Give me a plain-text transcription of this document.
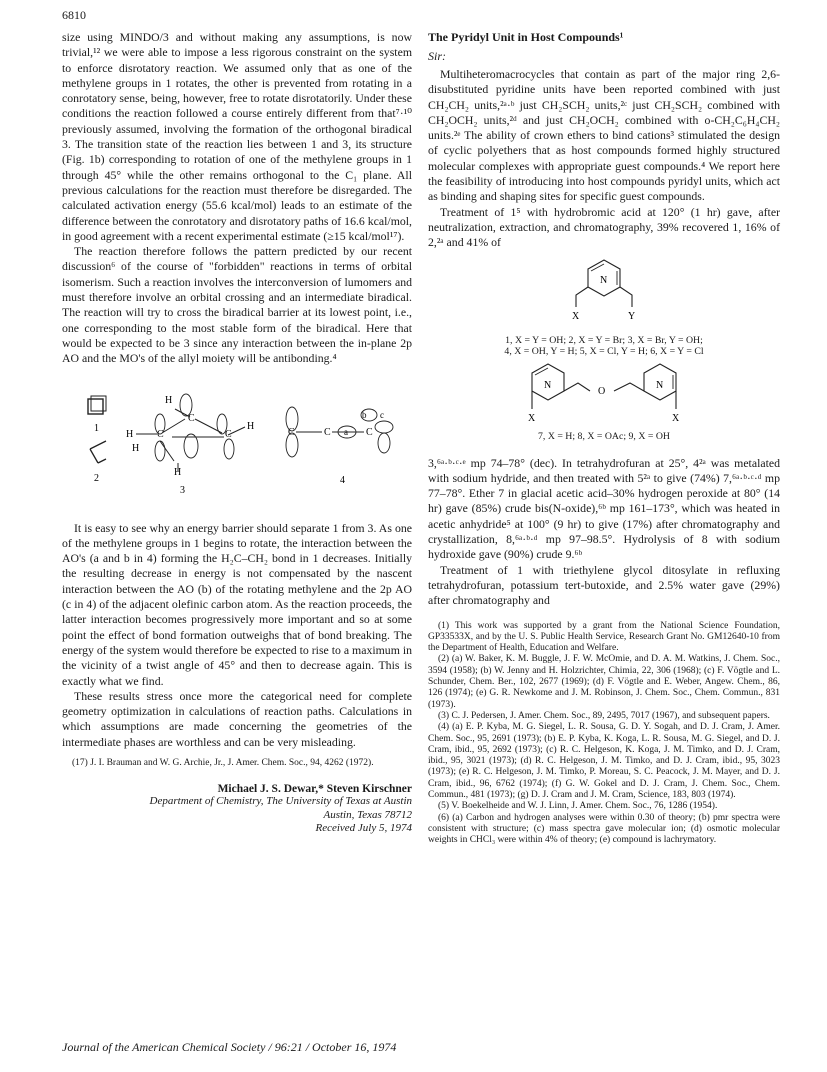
6810

size using MINDO/3 and without making any assumptions, is now trivial,¹² we were able to impose a less rigorous constraint on the system to enforce disrotatory reaction. We assumed only that as one of the methylene groups in 1 rotates, the other is prevented from rotating in a conrotatory sense, being, however, free to rotate disrotatorily. Under these conditions the reaction followed a course entirely different from that⁷·¹⁰ previously assumed, involving the formation of the orthogonal biradical 3. The transition state of the reaction lies between 1 and 3, its structure (Fig. 1b) corresponding to rotation of one of the methylene groups in 1 through 45° while the other remains orthogonal to the C₁ plane. All previous calculations for the reaction must therefore be disregarded. The calculated activation energy (55.6 kcal/mol) leads to an estimate of the difference between the conrotatory and disrotatory paths of 16.6 kcal/mol, in good agreement with a recent experimental estimate (≥15 kcal/mol¹⁷).

The reaction therefore follows the pattern predicted by our recent discussion⁶ of the course of "forbidden" reactions in terms of orbital isomerism. Such a reaction involves the interconversion of lumomers and must therefore involve an orbital crossing and an intermediate biradical. The reaction will try to cross the biradical barrier at its lowest point, i.e., one corresponding to the most stable form of the biradical. Here that would be expected to be 3 since any interaction between the in-plane 2p AO and the MO's of the allyl moiety will be antibonding.⁴

1
2
H
H
H
H
H
C
C
C
3
C	C	C
a
b c
4

It is easy to see why an energy barrier should separate 1 from 3. As one of the methylene groups in 1 begins to rotate, the interaction between the AO's (a and b in 4) forming the H₂C–CH₂ bond in 1 decreases. Initially the resulting decrease in energy is not compensated by the nascent interaction between the AO (b) of the rotating methylene and the 2p AO (c in 4) of the adjacent olefinic carbon atom. As the reaction proceeds, the latter interaction becomes progressively more important and so at some point the effect of bond formation outweighs that of bond breaking. The energy of the system would therefore be expected to rise to a maximum in the vicinity of a twist angle of 45° and then to decrease again. This is exactly what we find.

These results stress once more the categorical need for complete geometry optimization in calculations of reaction paths. Calculations in which assumptions are made concerning the geometries of the intermediate phases are worthless and can be very misleading.

(17) J. I. Brauman and W. G. Archie, Jr., J. Amer. Chem. Soc., 94, 4262 (1972).

Michael J. S. Dewar,* Steven Kirschner

Department of Chemistry, The University of Texas at Austin

Austin, Texas 78712

Received July 5, 1974

The Pyridyl Unit in Host Compounds¹

Sir:

Multiheteromacrocycles that contain as part of the major ring 2,6-disubstituted pyridine units have been reported combined with just CH₂CH₂ units,²ᵃ·ᵇ just CH₂SCH₂ units,²ᶜ just CH₂SCH₂ combined with CH₂OCH₂ units,²ᵈ and just CH₂OCH₂ combined with o-CH₂C₆H₄CH₂ units.²ᵉ The ability of crown ethers to bind cations³ stimulated the design of cyclic polyethers that as host compounds formed highly structured molecular complexes with appropriate guest compounds.⁴ We report here the feasibility of introducing into host compounds pyridyl units, which act as binding and shaping sites for specific guest compounds.

Treatment of 1⁵ with hydrobromic acid at 120° (1 hr) gave, after neutralization, extraction, and chromatography, 39% recovered 1, 16% of 2,²ᵃ and 41% of

N
X	Y

1, X = Y = OH; 2, X = Y = Br; 3, X = Br, Y = OH;

4, X = OH, Y = H; 5, X = Cl, Y = H; 6, X = Y = Cl

N	N
O
X	X

7, X = H; 8, X = OAc; 9, X = OH

3,⁶ᵃ·ᵇ·ᶜ·ᵉ mp 74–78° (dec). In tetrahydrofuran at 25°, 4²ᵃ was metalated with sodium hydride, and then treated with 5²ᵃ to give (74%) 7,⁶ᵃ·ᵇ·ᶜ·ᵈ mp 77–78°. Ether 7 in glacial acetic acid–30% hydrogen peroxide at 80° (14 hr) gave (85%) crude bis(N-oxide),⁶ᵇ mp 161–173°, which was heated in acetic anhydride⁵ at 100° (9 hr) to give (17%) after chromatography and crystallization, 8,⁶ᵃ·ᵇ·ᵈ mp 97–98.5°. Hydrolysis of 8 with sodium hydroxide gave (90%) crude 9.⁶ᵇ

Treatment of 1 with triethylene glycol ditosylate in refluxing tetrahydrofuran, potassium tert-butoxide, and 2.5% water gave (29%) after chromatography and

(1) This work was supported by a grant from the National Science Foundation, GP33533X, and by the U. S. Public Health Service, Research Grant No. GM12640-10 from the Department of Health, Education and Welfare.

(2) (a) W. Baker, K. M. Buggle, J. F. W. McOmie, and D. A. M. Watkins, J. Chem. Soc., 3594 (1958); (b) W. Jenny and H. Holzrichter, Chimia, 22, 306 (1968); (c) F. Vögtle and L. Schunder, Chem. Ber., 102, 2677 (1969); (d) F. Vögtle and E. Weber, Angew. Chem., 86, 126 (1974); (e) G. R. Newkome and J. M. Robinson, J. Chem. Soc., Chem. Commun., 831 (1973).

(3) C. J. Pedersen, J. Amer. Chem. Soc., 89, 2495, 7017 (1967), and subsequent papers.

(4) (a) E. P. Kyba, M. G. Siegel, L. R. Sousa, G. D. Y. Sogah, and D. J. Cram, J. Amer. Chem. Soc., 95, 2691 (1973); (b) E. P. Kyba, K. Koga, L. R. Sousa, M. G. Siegel, and D. J. Cram, ibid., 95, 2692 (1973); (c) R. C. Helgeson, K. Koga, J. M. Timko, and D. J. Cram, ibid., 95, 3021 (1973); (d) R. C. Helgeson, J. M. Timko, and D. J. Cram, ibid., 95, 3023 (1973); (e) R. C. Helgeson, J. M. Timko, P. Moreau, S. C. Peacock, J. M. Mayer, and D. J. Cram, ibid., 96, 6762 (1974); (f) G. W. Gokel and D. J. Cram, J. Chem. Soc., Chem. Commun., 481 (1973); (g) D. J. Cram and J. M. Cram, Science, 183, 803 (1974).

(5) V. Boekelheide and W. J. Linn, J. Amer. Chem. Soc., 76, 1286 (1954).

(6) (a) Carbon and hydrogen analyses were within 0.30 of theory; (b) pmr spectra were consistent with structure; (c) mass spectra gave molecular ion; (d) osmotic molecular weights in CHCl₃ were within 4% of theory; (e) compound is lachrymatory.

Journal of the American Chemical Society / 96:21 / October 16, 1974
